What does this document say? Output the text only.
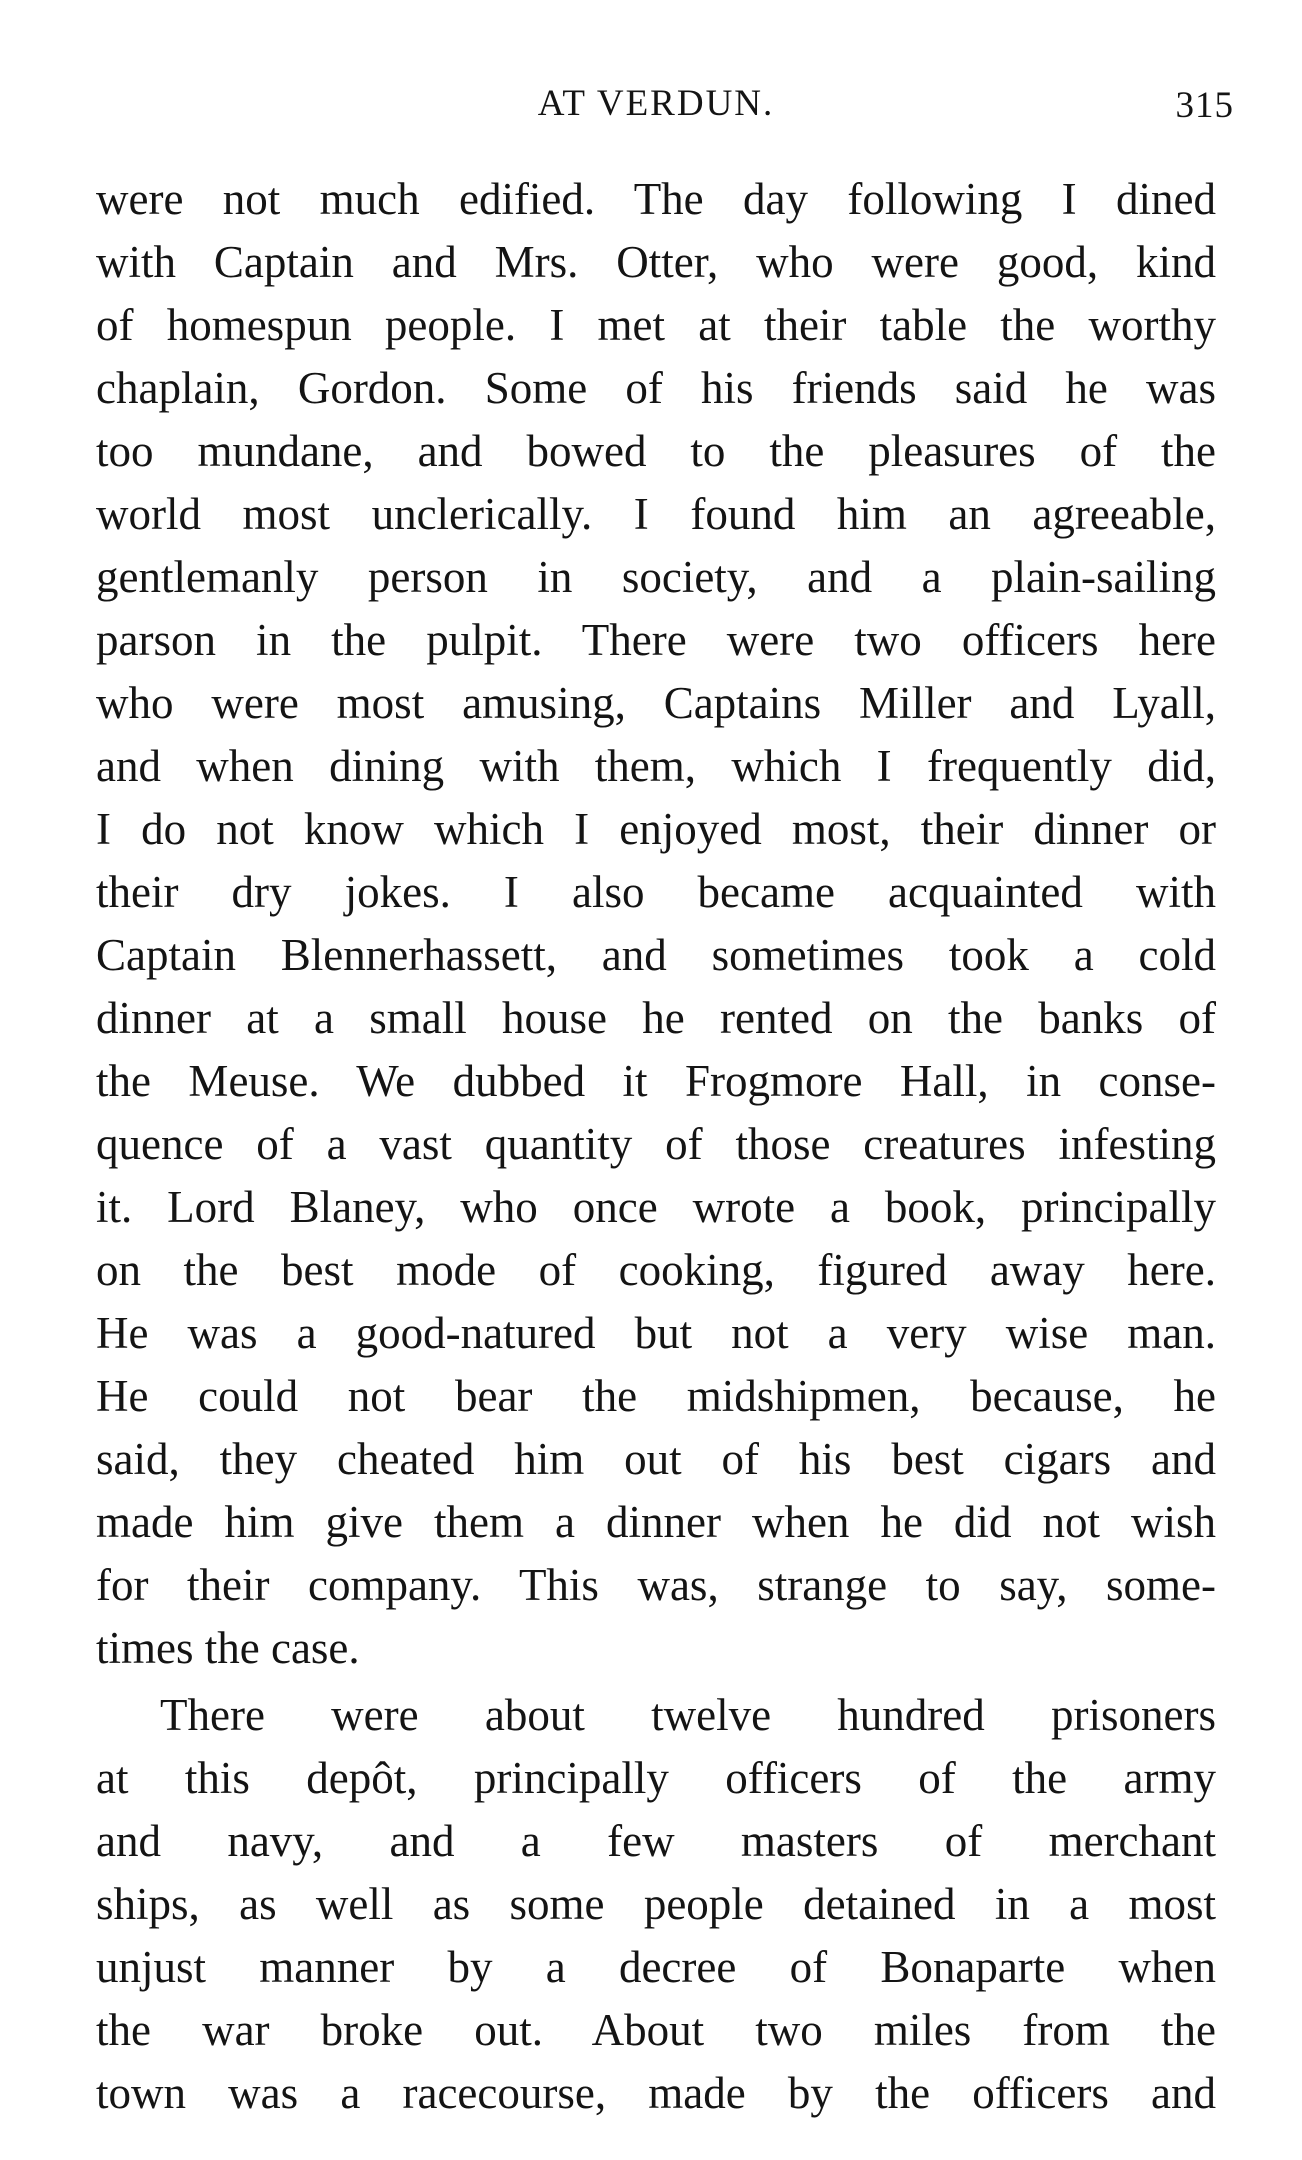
AT VERDUN.	315
were not much edified. The day following I dined
with Captain and Mrs. Otter, who were good, kind
of homespun people. I met at their table the worthy
chaplain, Gordon. Some of his friends said he was
too mundane, and bowed to the pleasures of the
world most unclerically. I found him an agreeable,
gentlemanly person in society, and a plain-sailing
parson in the pulpit. There were two officers here
who were most amusing, Captains Miller and Lyall,
and when dining with them, which I frequently did,
I do not know which I enjoyed most, their dinner or
their dry jokes. I also became acquainted with
Captain Blennerhassett, and sometimes took a cold
dinner at a small house he rented on the banks of
the Meuse. We dubbed it Frogmore Hall, in conse-
quence of a vast quantity of those creatures infesting
it. Lord Blaney, who once wrote a book, principally
on the best mode of cooking, figured away here.
He was a good-natured but not a very wise man.
He could not bear the midshipmen, because, he
said, they cheated him out of his best cigars and
made him give them a dinner when he did not wish
for their company. This was, strange to say, some-
times the case.
There were about twelve hundred prisoners
at this depôt, principally officers of the army
and navy, and a few masters of merchant
ships, as well as some people detained in a most
unjust manner by a decree of Bonaparte when
the war broke out. About two miles from the
town was a racecourse, made by the officers and
